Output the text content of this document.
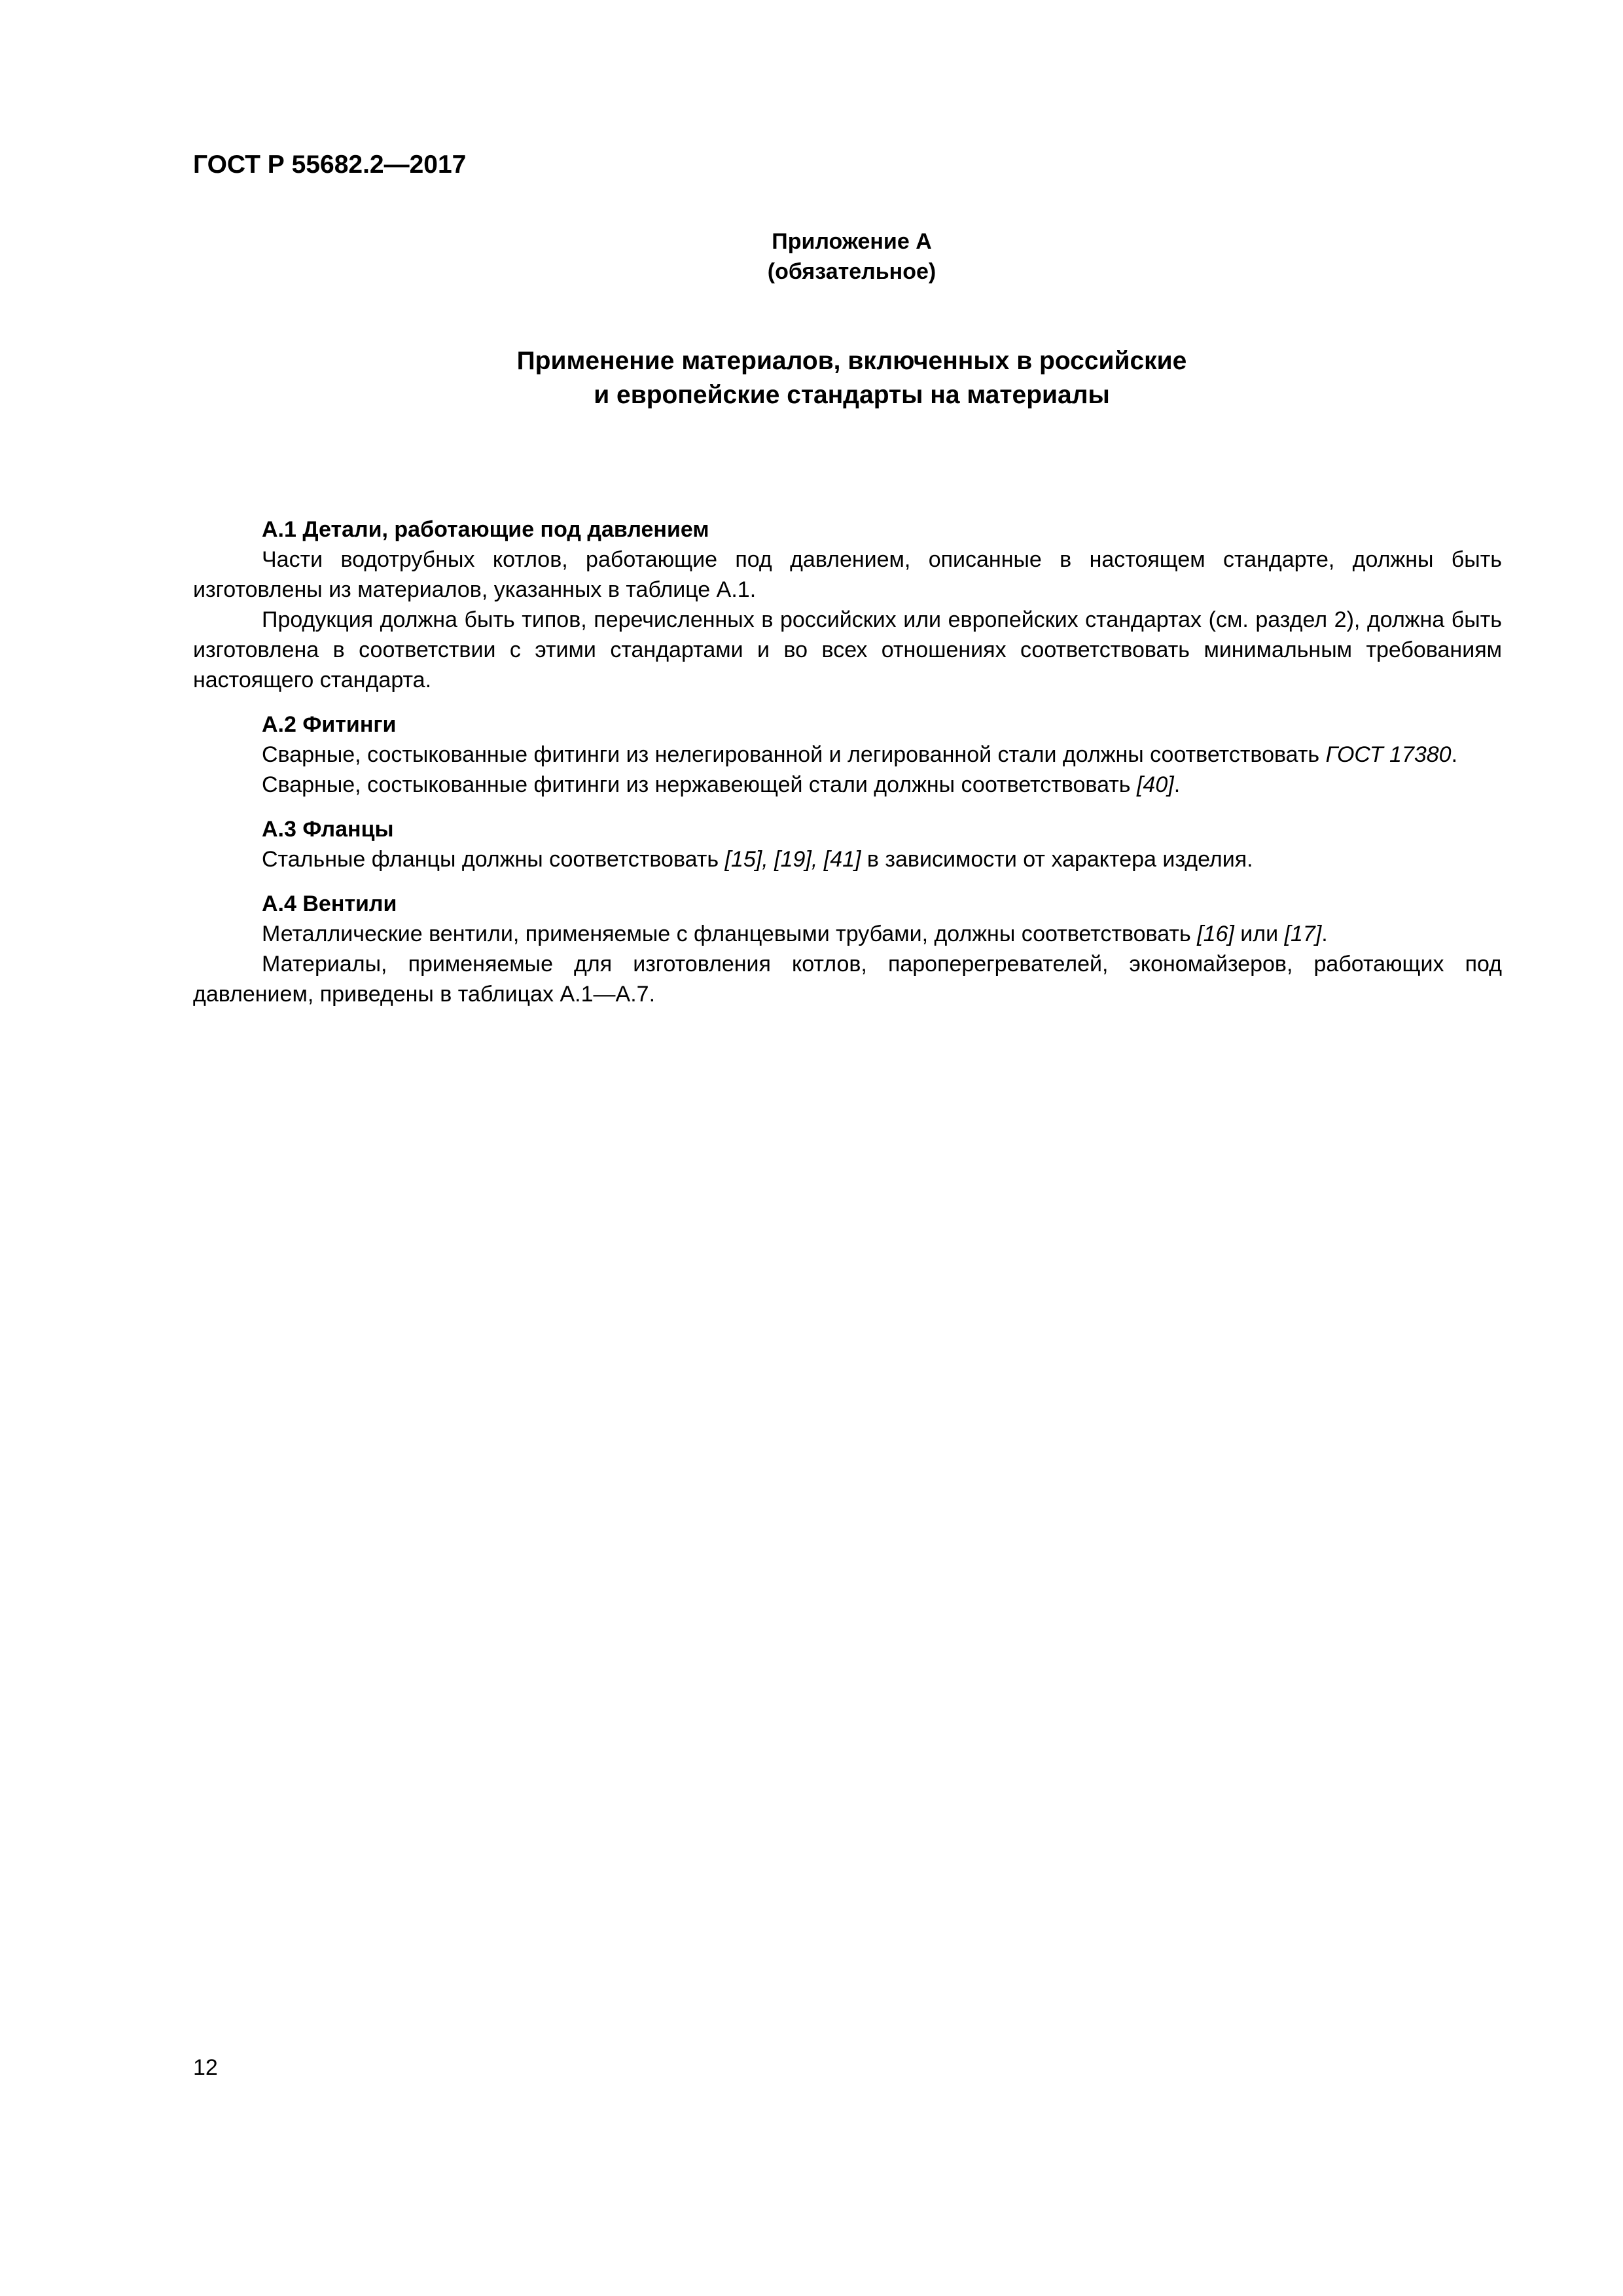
ГОСТ Р 55682.2—2017
Приложение А
(обязательное)
Применение материалов, включенных в российские
и европейские стандарты на материалы

А.1 Детали, работающие под давлением

Части водотрубных котлов, работающие под давлением, описанные в настоящем стандарте, должны быть изготовлены из материалов, указанных в таблице А.1.

Продукция должна быть типов, перечисленных в российских или европейских стандартах (см. раздел 2), должна быть изготовлена в соответствии с этими стандартами и во всех отношениях соответствовать минимальным требованиям настоящего стандарта.

А.2 Фитинги

Сварные, состыкованные фитинги из нелегированной и легированной стали должны соответствовать ГОСТ 17380.

Сварные, состыкованные фитинги из нержавеющей стали должны соответствовать [40].

А.3 Фланцы

Стальные фланцы должны соответствовать [15], [19], [41] в зависимости от характера изделия.

А.4 Вентили

Металлические вентили, применяемые с фланцевыми трубами, должны соответствовать [16] или [17].

Материалы, применяемые для изготовления котлов, пароперегревателей, экономайзеров, работающих под давлением, приведены в таблицах А.1—А.7.

12
